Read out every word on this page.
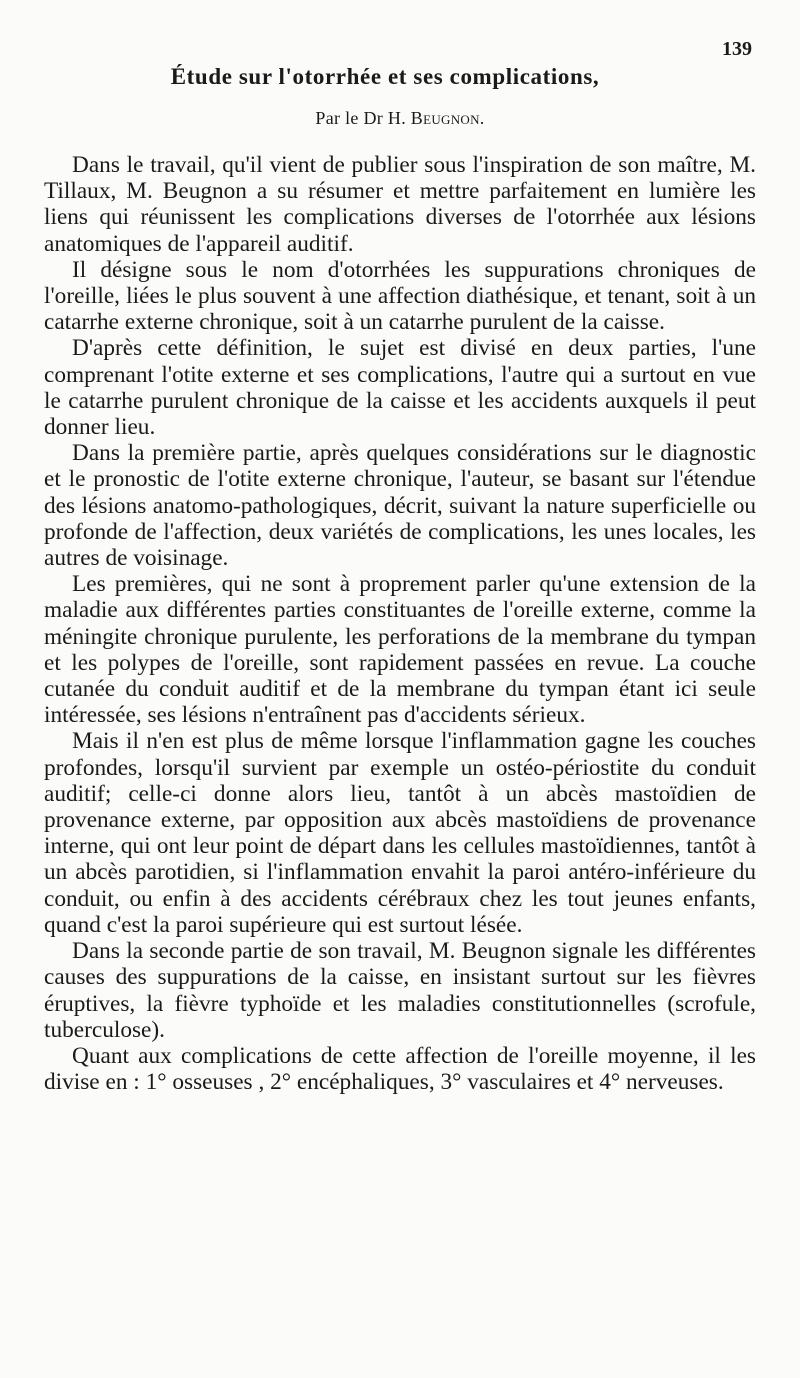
139
Étude sur l'otorrhée et ses complications,
Par le Dr H. Beugnon.

Dans le travail, qu'il vient de publier sous l'inspiration de son maître, M. Tillaux, M. Beugnon a su résumer et mettre parfaitement en lumière les liens qui réunissent les complications diverses de l'otorrhée aux lésions anatomiques de l'appareil auditif.

Il désigne sous le nom d'otorrhées les suppurations chroniques de l'oreille, liées le plus souvent à une affection diathésique, et tenant, soit à un catarrhe externe chronique, soit à un catarrhe purulent de la caisse.

D'après cette définition, le sujet est divisé en deux parties, l'une comprenant l'otite externe et ses complications, l'autre qui a surtout en vue le catarrhe purulent chronique de la caisse et les accidents auxquels il peut donner lieu.

Dans la première partie, après quelques considérations sur le diagnostic et le pronostic de l'otite externe chronique, l'auteur, se basant sur l'étendue des lésions anatomo-pathologiques, décrit, suivant la nature superficielle ou profonde de l'affection, deux variétés de complications, les unes locales, les autres de voisinage.

Les premières, qui ne sont à proprement parler qu'une extension de la maladie aux différentes parties constituantes de l'oreille externe, comme la méningite chronique purulente, les perforations de la membrane du tympan et les polypes de l'oreille, sont rapidement passées en revue. La couche cutanée du conduit auditif et de la membrane du tympan étant ici seule intéressée, ses lésions n'entraînent pas d'accidents sérieux.

Mais il n'en est plus de même lorsque l'inflammation gagne les couches profondes, lorsqu'il survient par exemple un ostéo-périostite du conduit auditif; celle-ci donne alors lieu, tantôt à un abcès mastoïdien de provenance externe, par opposition aux abcès mastoïdiens de provenance interne, qui ont leur point de départ dans les cellules mastoïdiennes, tantôt à un abcès parotidien, si l'inflammation envahit la paroi antéro-inférieure du conduit, ou enfin à des accidents cérébraux chez les tout jeunes enfants, quand c'est la paroi supérieure qui est surtout lésée.

Dans la seconde partie de son travail, M. Beugnon signale les différentes causes des suppurations de la caisse, en insistant surtout sur les fièvres éruptives, la fièvre typhoïde et les maladies constitutionnelles (scrofule, tuberculose).

Quant aux complications de cette affection de l'oreille moyenne, il les divise en : 1° osseuses , 2° encéphaliques, 3° vasculaires et 4° nerveuses.
